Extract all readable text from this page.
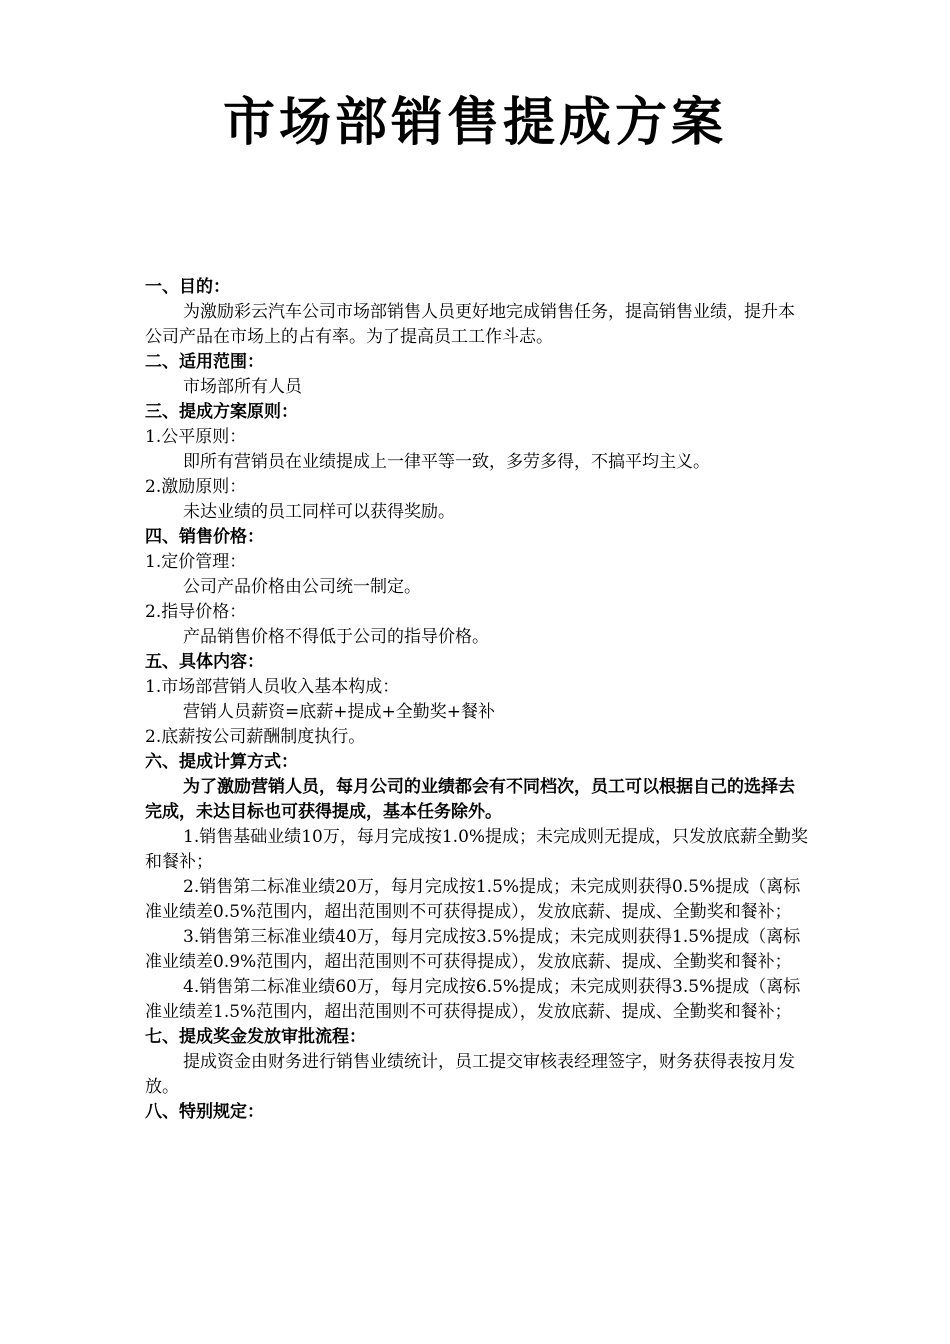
市场部销售提成方案

一、目的：

为激励彩云汽车公司市场部销售人员更好地完成销售任务，提高销售业绩，提升本公司产品在市场上的占有率。为了提高员工工作斗志。

二、适用范围：

市场部所有人员

三、提成方案原则：

1.公平原则：

即所有营销员在业绩提成上一律平等一致，多劳多得，不搞平均主义。

2.激励原则：

未达业绩的员工同样可以获得奖励。

四、销售价格：

1.定价管理：

公司产品价格由公司统一制定。

2.指导价格：

产品销售价格不得低于公司的指导价格。

五、具体内容：

1.市场部营销人员收入基本构成：

营销人员薪资=底薪+提成+全勤奖+餐补

2.底薪按公司薪酬制度执行。

六、提成计算方式：

为了激励营销人员，每月公司的业绩都会有不同档次，员工可以根据自己的选择去完成，未达目标也可获得提成，基本任务除外。

1.销售基础业绩10万，每月完成按1.0%提成；未完成则无提成，只发放底薪全勤奖和餐补；

2.销售第二标准业绩20万，每月完成按1.5%提成；未完成则获得0.5%提成（离标准业绩差0.5%范围内，超出范围则不可获得提成），发放底薪、提成、全勤奖和餐补；

3.销售第三标准业绩40万，每月完成按3.5%提成；未完成则获得1.5%提成（离标准业绩差0.9%范围内，超出范围则不可获得提成），发放底薪、提成、全勤奖和餐补；

4.销售第二标准业绩60万，每月完成按6.5%提成；未完成则获得3.5%提成（离标准业绩差1.5%范围内，超出范围则不可获得提成），发放底薪、提成、全勤奖和餐补；

七、提成奖金发放审批流程：

提成资金由财务进行销售业绩统计，员工提交审核表经理签字，财务获得表按月发放。

八、特别规定：
